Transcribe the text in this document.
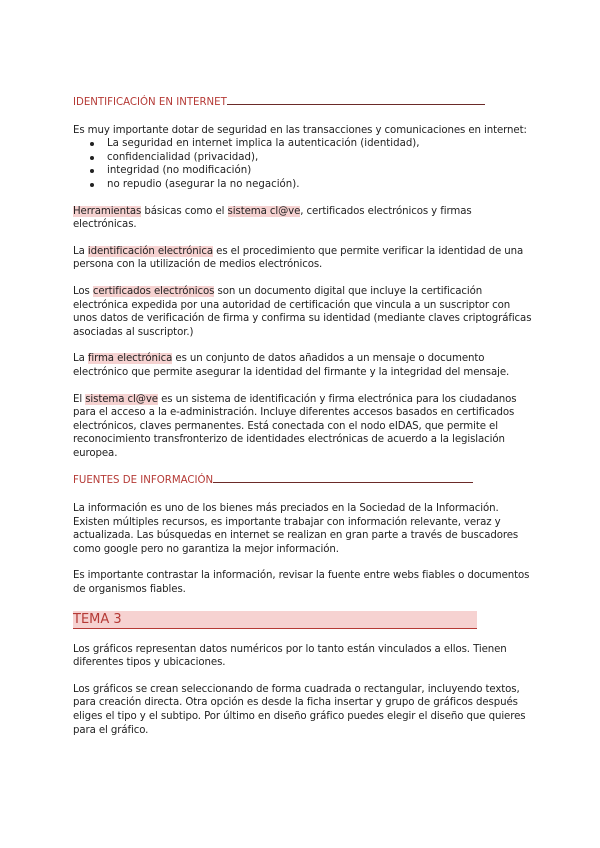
IDENTIFICACIÓN EN INTERNET

Es muy importante dotar de seguridad en las transacciones y comunicaciones en internet:

La seguridad en internet implica la autenticación (identidad),
confidencialidad (privacidad),
integridad (no modificación)
no repudio (asegurar la no negación).

Herramientas básicas como el sistema cl@ve, certificados electrónicos y firmas electrónicas.

La identificación electrónica es el procedimiento que permite verificar la identidad de una persona con la utilización de medios electrónicos.

Los certificados electrónicos son un documento digital que incluye la certificación electrónica expedida por una autoridad de certificación que vincula a un suscriptor con unos datos de verificación de firma y confirma su identidad (mediante claves criptográficas asociadas al suscriptor.)

La firma electrónica es un conjunto de datos añadidos a un mensaje o documento electrónico que permite asegurar la identidad del firmante y la integridad del mensaje.

El sistema cl@ve es un sistema de identificación y firma electrónica para los ciudadanos para el acceso a la e-administración. Incluye diferentes accesos basados en certificados electrónicos, claves permanentes. Está conectada con el nodo eIDAS, que permite el reconocimiento transfronterizo de identidades electrónicas de acuerdo a la legislación europea.

FUENTES DE INFORMACIÓN

La información es uno de los bienes más preciados en la Sociedad de la Información. Existen múltiples recursos, es importante trabajar con información relevante, veraz y actualizada. Las búsquedas en internet se realizan en gran parte a través de buscadores como google pero no garantiza la mejor información.

Es importante contrastar la información, revisar la fuente entre webs fiables o documentos de organismos fiables.

TEMA 3

Los gráficos representan datos numéricos por lo tanto están vinculados a ellos. Tienen diferentes tipos y ubicaciones.

Los gráficos se crean seleccionando de forma cuadrada o rectangular, incluyendo textos, para creación directa. Otra opción es desde la ficha insertar y grupo de gráficos después eliges el tipo y el subtipo. Por último en diseño gráfico puedes elegir el diseño que quieres para el gráfico.
